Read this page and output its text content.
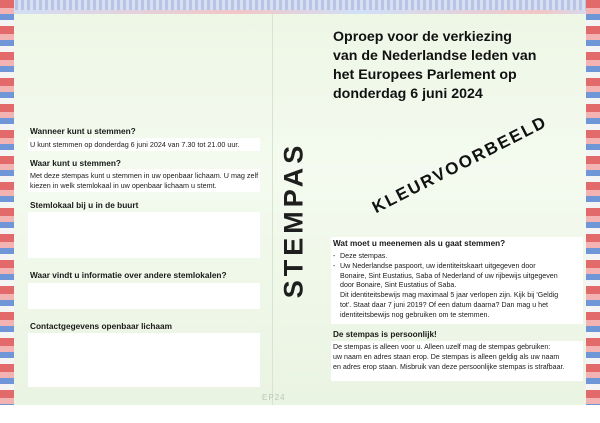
Wanneer kunt u stemmen?
U kunt stemmen op donderdag 6 juni 2024 van 7.30 tot 21.00 uur.
Waar kunt u stemmen?
Met deze stempas kunt u stemmen in uw openbaar lichaam. U mag zelf
kiezen in welk stemlokaal in uw openbaar lichaam u stemt.
Stemlokaal bij u in de buurt
Waar vindt u informatie over andere stemlokalen?
Contactgegevens openbaar lichaam
STEMPAS
Oproep voor de verkiezing
van de Nederlandse leden van
het Europees Parlement op
donderdag 6 juni 2024
KLEURVOORBEELD
Wat moet u meenemen als u gaat stemmen?
- Deze stempas.
- Uw Nederlandse paspoort, uw identiteitskaart uitgegeven door
Bonaire, Sint Eustatius, Saba of Nederland of uw rijbewijs uitgegeven
door Bonaire, Sint Eustatius of Saba.
Dit identiteitsbewijs mag maximaal 5 jaar verlopen zijn. Kijk bij 'Geldig
tot'. Staat daar 7 juni 2019? Of een datum daarna? Dan mag u het
identiteitsbewijs nog gebruiken om te stemmen.
De stempas is persoonlijk!
De stempas is alleen voor u. Alleen uzelf mag de stempas gebruiken:
uw naam en adres staan erop. De stempas is alleen geldig als uw naam
en adres erop staan. Misbruik van deze persoonlijke stempas is strafbaar.
EP24
